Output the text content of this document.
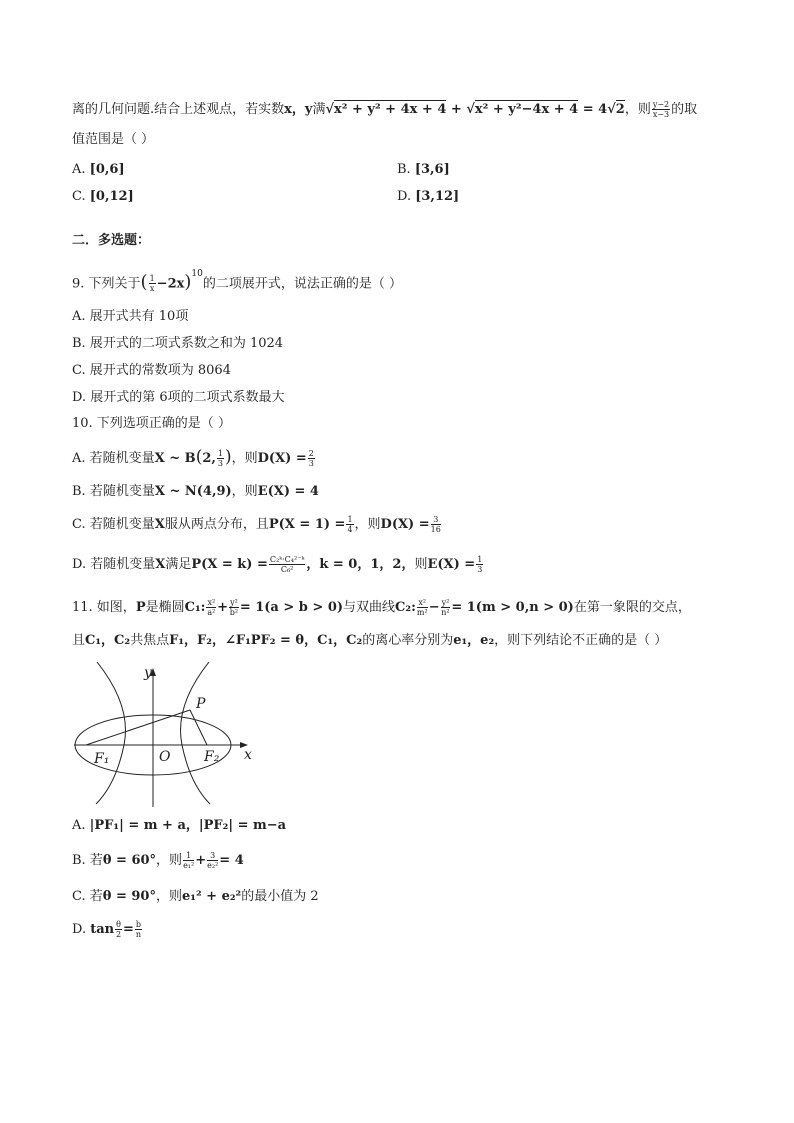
离的几何问题.结合上述观点，若实数x，y满√x² + y² + 4x + 4 + √x² + y²−4x + 4 = 4√2，则 $\frac{y-2}{x-3}$ 的取
值范围是（ ）
A. [0,6]	B. [3,6]
C. [0,12]	D. [3,12]
二．多选题：
9. 下列关于( $\frac{1}{x} -2x)^{10}$的二项展开式，说法正确的是（ ）
A. 展开式共有 10项
B. 展开式的二项式系数之和为 1024
C. 展开式的常数项为 8064
D. 展开式的第 6项的二项式系数最大
10. 下列选项正确的是（ ）
A. 若随机变量X ~ B(2, $\frac{1}{3}$ )，则$D(X) = \frac{2}{3}$
B. 若随机变量X ~ N(4,9)，则E(X) = 4
C. 若随机变量X服从两点分布，且$P(X = 1) = \frac{1}{4}$ ，则$D(X) = \frac{3}{16}$
D. 若随机变量X满足$P(X = k) = \frac{\text{C₂ᵏ·C₄²⁻ᵏ}}{\text{C₆²}}$ ，k = 0，1，2，则$E(X) = \frac{1}{3}$
11. 如图，P是椭圆C₁: $\frac{\text{x²}}{\text{a²}} + \frac{\text{y²}}{\text{b²}} = 1(a > b > 0)$与双曲线C₂: $\frac{\text{x²}}{\text{m²}} - \frac{\text{y²}}{\text{n²}} = 1(m > 0,n > 0)$在第一象限的交点，
且C₁，C₂共焦点F₁，F₂，∠F₁PF₂ = θ，C₁，C₂的离心率分别为e₁，e₂，则下列结论不正确的是（ ）
y
P
O	x
F₁	F₂
A. |PF₁| = m + a，|PF₂| = m−a
B. 若θ = 60°，则 $\frac{1}{\text{e₁²}} + \frac{3}{\text{e₂²}} = 4$
C. 若θ = 90°，则e₁² + e₂²的最小值为 2
D. $\tan \frac{\theta}{2} = \frac{b}{n}$
